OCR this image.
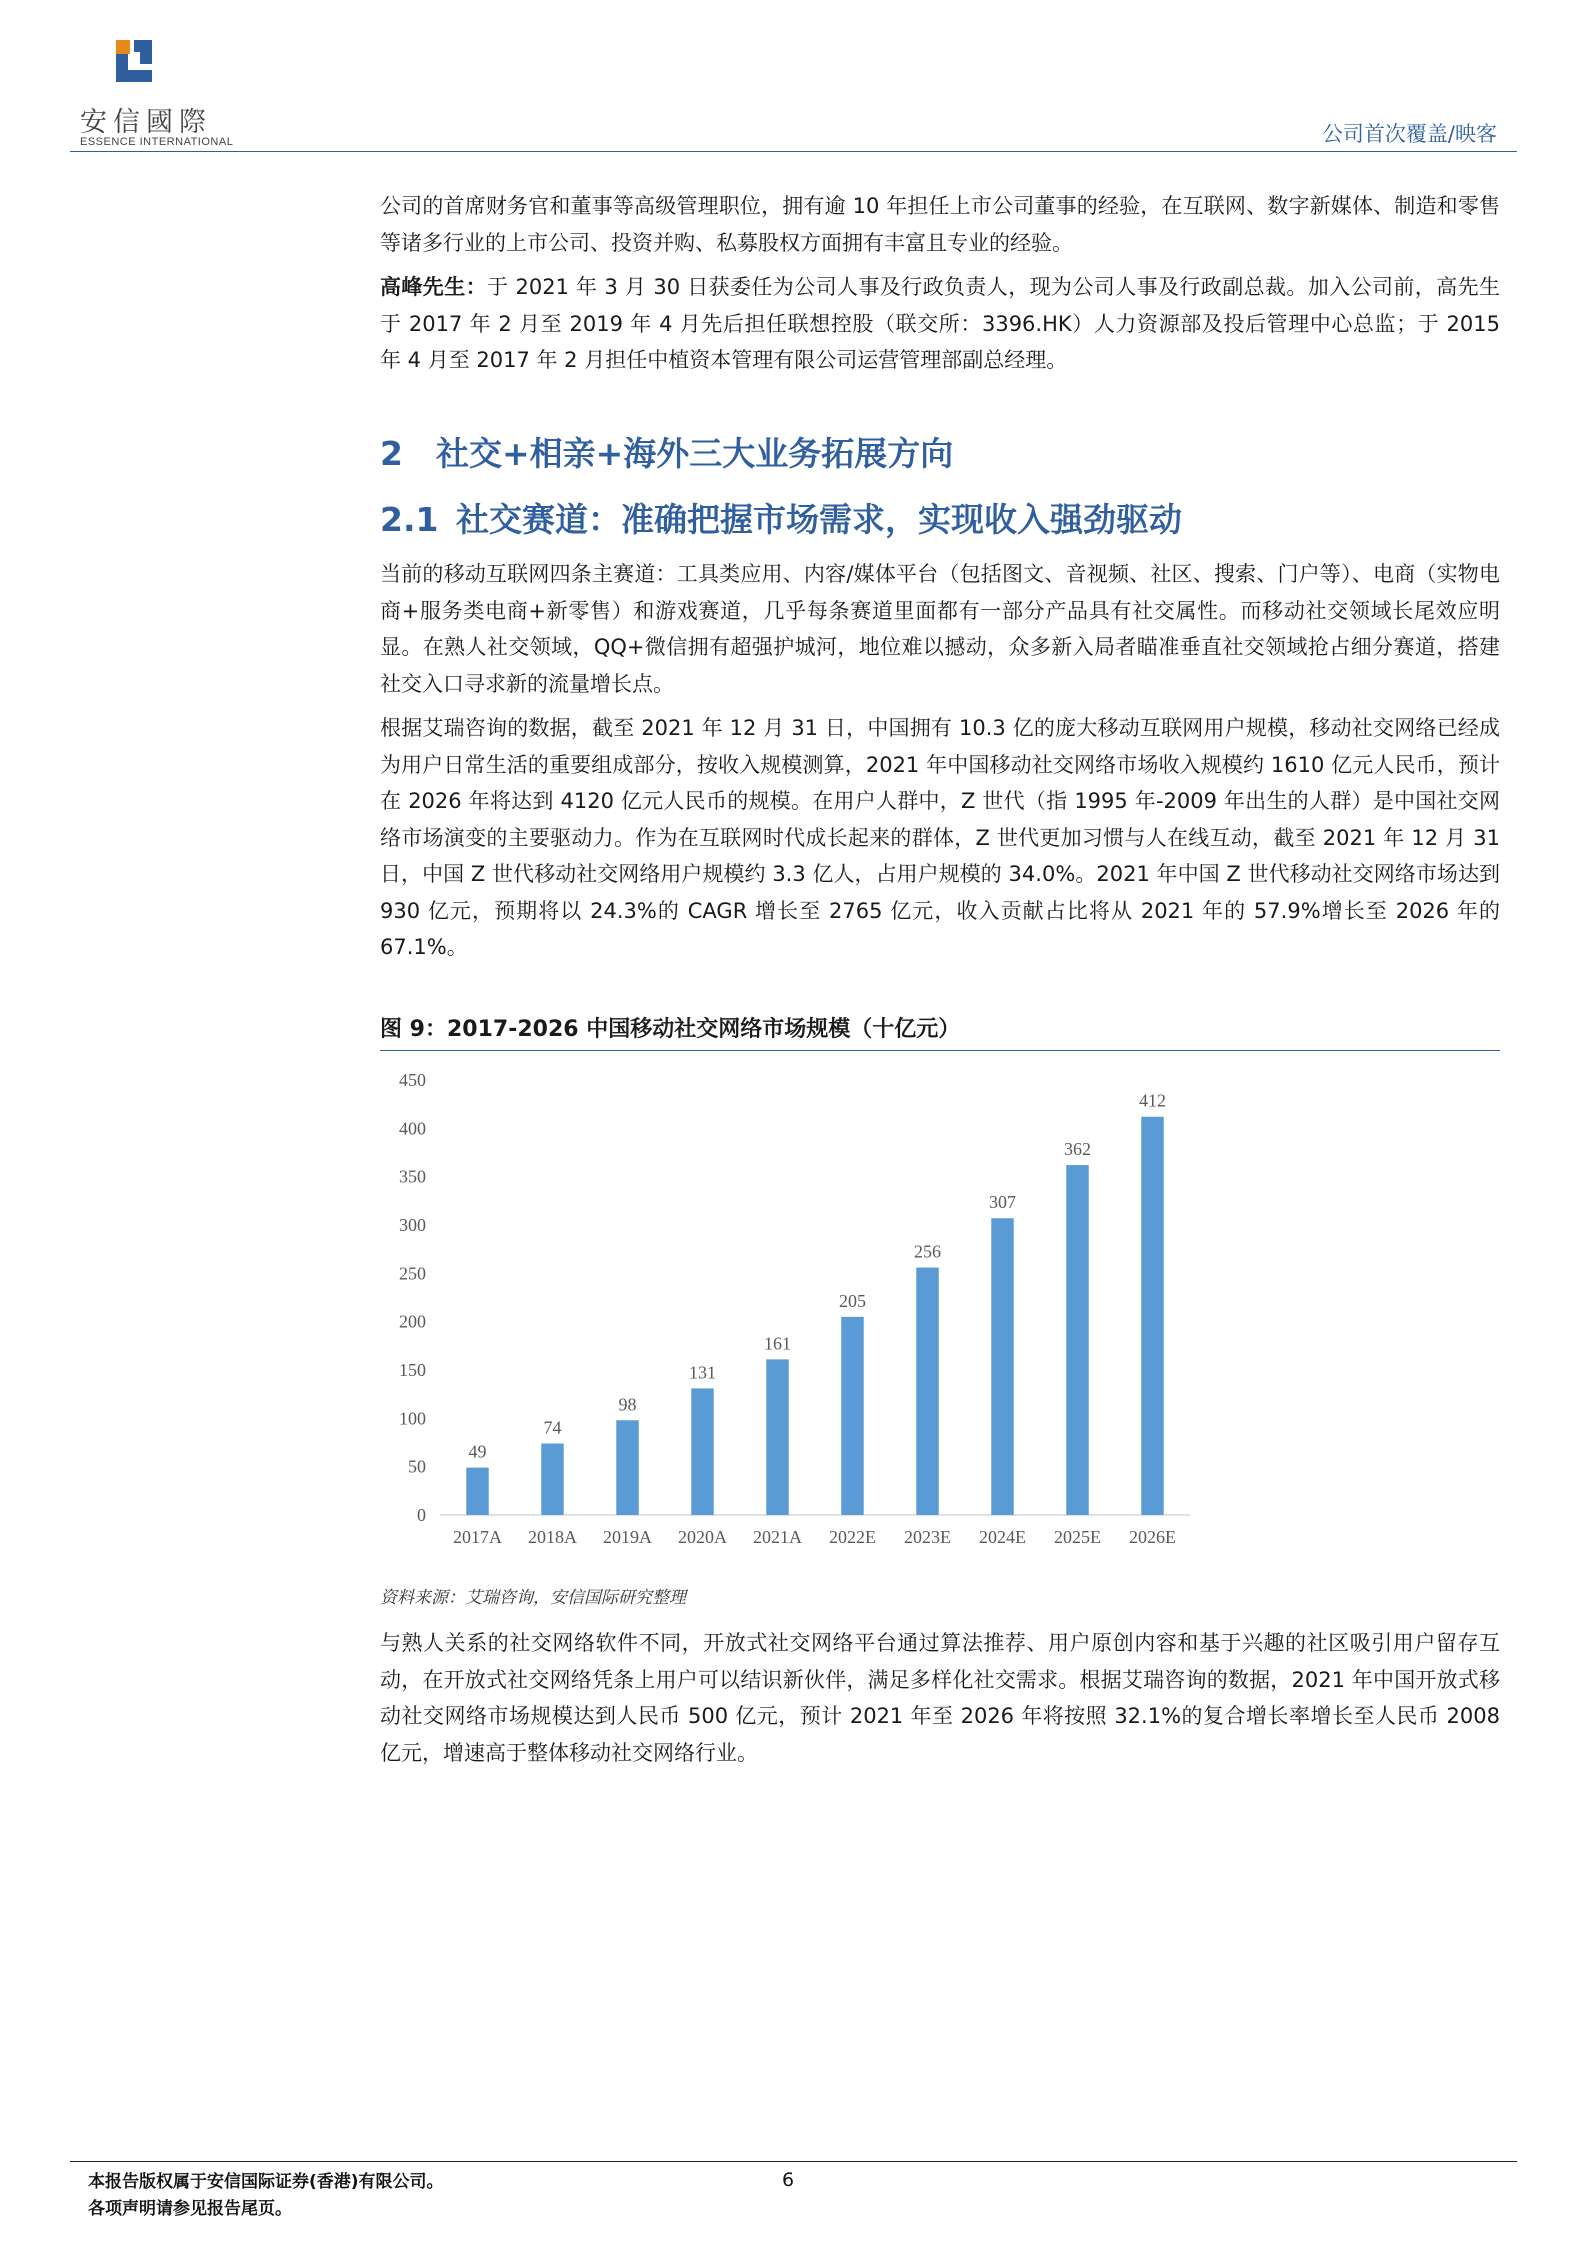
安信國際
ESSENCE INTERNATIONAL	公司首次覆盖/映客

公司的首席财务官和董事等高级管理职位，拥有逾 10 年担任上市公司董事的经验，在互联网、数字新媒体、制造和零售等诸多行业的上市公司、投资并购、私募股权方面拥有丰富且专业的经验。

高峰先生：于 2021 年 3 月 30 日获委任为公司人事及行政负责人，现为公司人事及行政副总裁。加入公司前，高先生于 2017 年 2 月至 2019 年 4 月先后担任联想控股（联交所：3396.HK）人力资源部及投后管理中心总监；于 2015 年 4 月至 2017 年 2 月担任中植资本管理有限公司运营管理部副总经理。

2 社交+相亲+海外三大业务拓展方向
2.1 社交赛道：准确把握市场需求，实现收入强劲驱动

当前的移动互联网四条主赛道：工具类应用、内容/媒体平台（包括图文、音视频、社区、搜索、门户等）、电商（实物电商+服务类电商+新零售）和游戏赛道，几乎每条赛道里面都有一部分产品具有社交属性。而移动社交领域长尾效应明显。在熟人社交领域，QQ+微信拥有超强护城河，地位难以撼动，众多新入局者瞄准垂直社交领域抢占细分赛道，搭建社交入口寻求新的流量增长点。

根据艾瑞咨询的数据，截至 2021 年 12 月 31 日，中国拥有 10.3 亿的庞大移动互联网用户规模，移动社交网络已经成为用户日常生活的重要组成部分，按收入规模测算，2021 年中国移动社交网络市场收入规模约 1610 亿元人民币，预计在 2026 年将达到 4120 亿元人民币的规模。在用户人群中，Z 世代（指 1995 年-2009 年出生的人群）是中国社交网络市场演变的主要驱动力。作为在互联网时代成长起来的群体，Z 世代更加习惯与人在线互动，截至 2021 年 12 月 31 日，中国 Z 世代移动社交网络用户规模约 3.3 亿人，占用户规模的 34.0%。2021 年中国 Z 世代移动社交网络市场达到 930 亿元，预期将以 24.3%的 CAGR 增长至 2765 亿元，收入贡献占比将从 2021 年的 57.9%增长至 2026 年的 67.1%。

图 9：2017-2026 中国移动社交网络市场规模（十亿元）
0
50
100
150
200
250
300
350
400
450
49
2017A
74
2018A
98
2019A
131
2020A
161
2021A
205
2022E
256
2023E
307
2024E
362
2025E
412
2026E
资料来源：艾瑞咨询，安信国际研究整理

与熟人关系的社交网络软件不同，开放式社交网络平台通过算法推荐、用户原创内容和基于兴趣的社区吸引用户留存互动，在开放式社交网络凭条上用户可以结识新伙伴，满足多样化社交需求。根据艾瑞咨询的数据，2021 年中国开放式移动社交网络市场规模达到人民币 500 亿元，预计 2021 年至 2026 年将按照 32.1%的复合增长率增长至人民币 2008 亿元，增速高于整体移动社交网络行业。

本报告版权属于安信国际证券(香港)有限公司。
各项声明请参见报告尾页。
6
